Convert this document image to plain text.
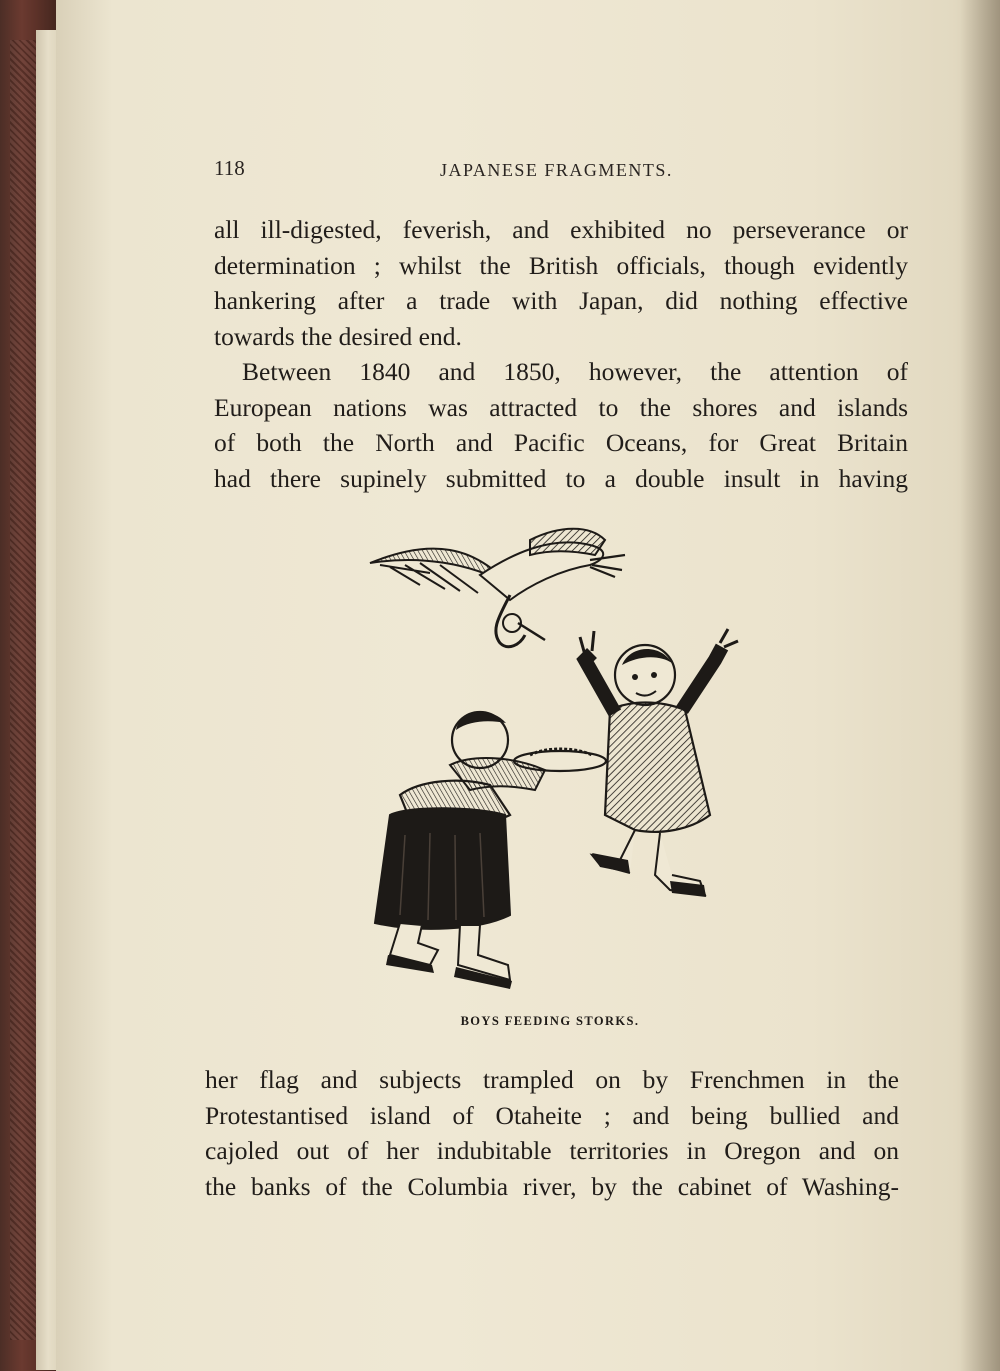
118	JAPANESE FRAGMENTS.
all ill-digested, feverish, and exhibited no perseverance or
determination ; whilst the British officials, though evidently
hankering after a trade with Japan, did nothing effective
towards the desired end.
Between 1840 and 1850, however, the attention of
European nations was attracted to the shores and islands
of both the North and Pacific Oceans, for Great Britain
had there supinely submitted to a double insult in having
BOYS FEEDING STORKS.
her flag and subjects trampled on by Frenchmen in the
Protestantised island of Otaheite ; and being bullied and
cajoled out of her indubitable territories in Oregon and on
the banks of the Columbia river, by the cabinet of Washing-
